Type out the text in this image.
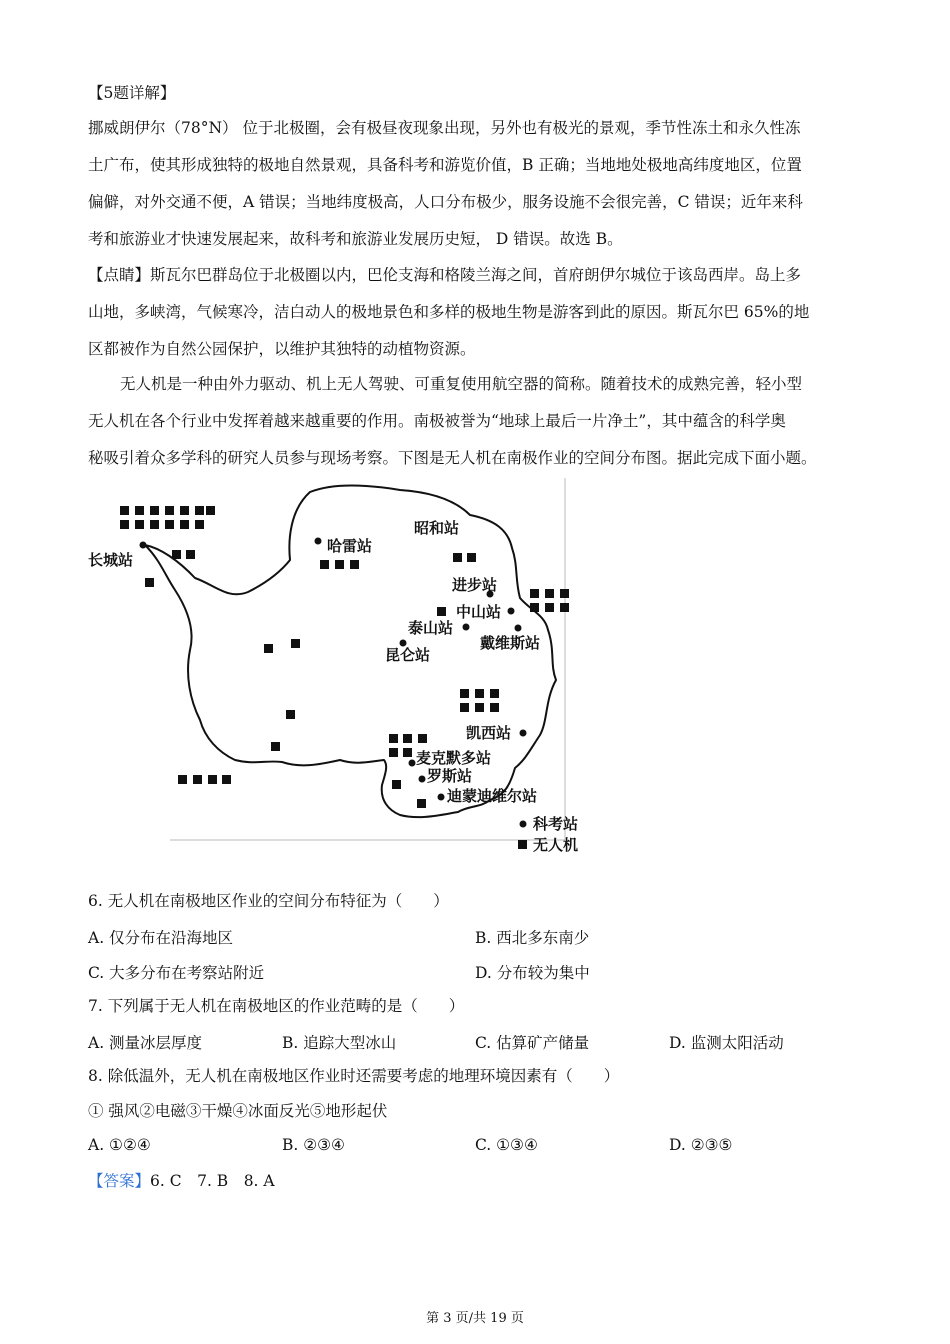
【5题详解】
挪威朗伊尔（78°N） 位于北极圈，会有极昼夜现象出现，另外也有极光的景观，季节性冻土和永久性冻
土广布，使其形成独特的极地自然景观，具备科考和游览价值，B 正确；当地地处极地高纬度地区，位置
偏僻，对外交通不便，A 错误；当地纬度极高，人口分布极少，服务设施不会很完善，C 错误；近年来科
考和旅游业才快速发展起来，故科考和旅游业发展历史短， D 错误。故选 B。
【点睛】斯瓦尔巴群岛位于北极圈以内，巴伦支海和格陵兰海之间，首府朗伊尔城位于该岛西岸。岛上多
山地，多峡湾，气候寒冷，洁白动人的极地景色和多样的极地生物是游客到此的原因。斯瓦尔巴 65%的地
区都被作为自然公园保护，以维护其独特的动植物资源。
无人机是一种由外力驱动、机上无人驾驶、可重复使用航空器的简称。随着技术的成熟完善，轻小型
无人机在各个行业中发挥着越来越重要的作用。南极被誉为“地球上最后一片净土”，其中蕴含的科学奥
秘吸引着众多学科的研究人员参与现场考察。下图是无人机在南极作业的空间分布图。据此完成下面小题。
长城站
哈雷站
昭和站
进步站
中山站
泰山站
戴维斯站
昆仑站
凯西站
麦克默多站
罗斯站
迪蒙迪维尔站
科考站
无人机
6. 无人机在南极地区作业的空间分布特征为（　　）
A. 仅分布在沿海地区	B. 西北多东南少
C. 大多分布在考察站附近	D. 分布较为集中
7. 下列属于无人机在南极地区的作业范畴的是（　　）
A. 测量冰层厚度	B. 追踪大型冰山	C. 估算矿产储量	D. 监测太阳活动
8. 除低温外，无人机在南极地区作业时还需要考虑的地理环境因素有（　　）
① 强风②电磁③干燥④冰面反光⑤地形起伏
A. ①②④	B. ②③④	C. ①③④	D. ②③⑤
【答案】6. C　7. B　8. A
第 3 页/共 19 页
